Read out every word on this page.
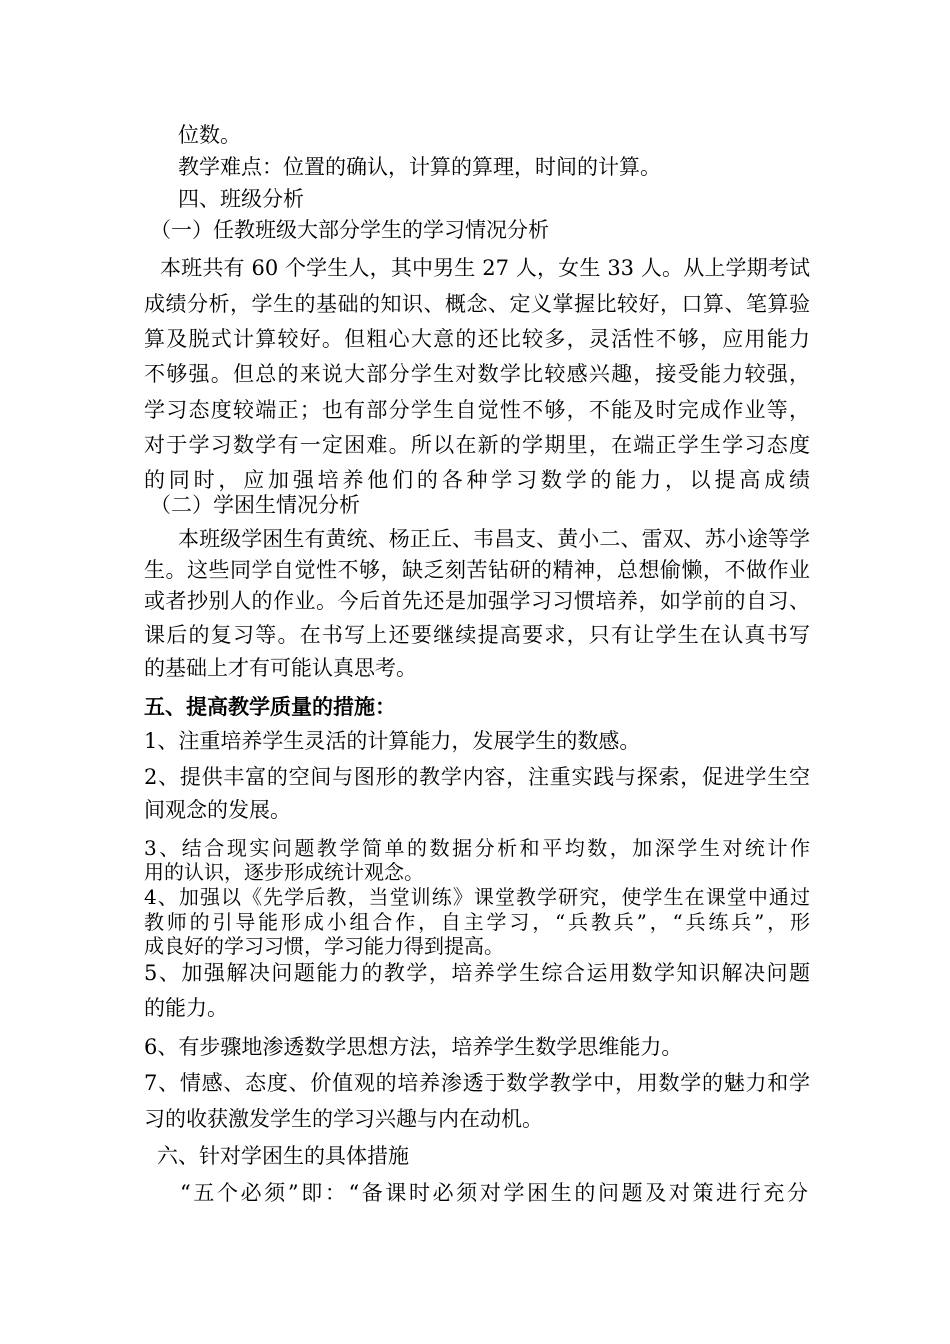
位数。
教学难点：位置的确认，计算的算理，时间的计算。
四、班级分析
（一）任教班级大部分学生的学习情况分析
本班共有 60 个学生人，其中男生 27 人，女生 33 人。从上学期考试
成绩分析，学生的基础的知识、概念、定义掌握比较好，口算、笔算验
算及脱式计算较好。但粗心大意的还比较多，灵活性不够，应用能力
不够强。但总的来说大部分学生对数学比较感兴趣，接受能力较强，
学习态度较端正；也有部分学生自觉性不够，不能及时完成作业等，
对于学习数学有一定困难。所以在新的学期里，在端正学生学习态度
的同时，应加强培养他们的各种学习数学的能力，以提高成绩
（二）学困生情况分析
本班级学困生有黄统、杨正丘、韦昌支、黄小二、雷双、苏小途等学
生。这些同学自觉性不够，缺乏刻苦钻研的精神，总想偷懒，不做作业
或者抄别人的作业。今后首先还是加强学习习惯培养，如学前的自习、
课后的复习等。在书写上还要继续提高要求，只有让学生在认真书写
的基础上才有可能认真思考。
五、提高教学质量的措施：
1、注重培养学生灵活的计算能力，发展学生的数感。
2、提供丰富的空间与图形的教学内容，注重实践与探索，促进学生空
间观念的发展。
3、结合现实问题教学简单的数据分析和平均数，加深学生对统计作
用的认识，逐步形成统计观念。
4、加强以《先学后教，当堂训练》课堂教学研究，使学生在课堂中通过
教师的引导能形成小组合作，自主学习，“兵教兵”，“兵练兵”，形
成良好的学习习惯，学习能力得到提高。
5、加强解决问题能力的教学，培养学生综合运用数学知识解决问题
的能力。
6、有步骤地渗透数学思想方法，培养学生数学思维能力。
7、情感、态度、价值观的培养渗透于数学教学中，用数学的魅力和学
习的收获激发学生的学习兴趣与内在动机。
六、针对学困生的具体措施
“五个必须”即：“备课时必须对学困生的问题及对策进行充分
